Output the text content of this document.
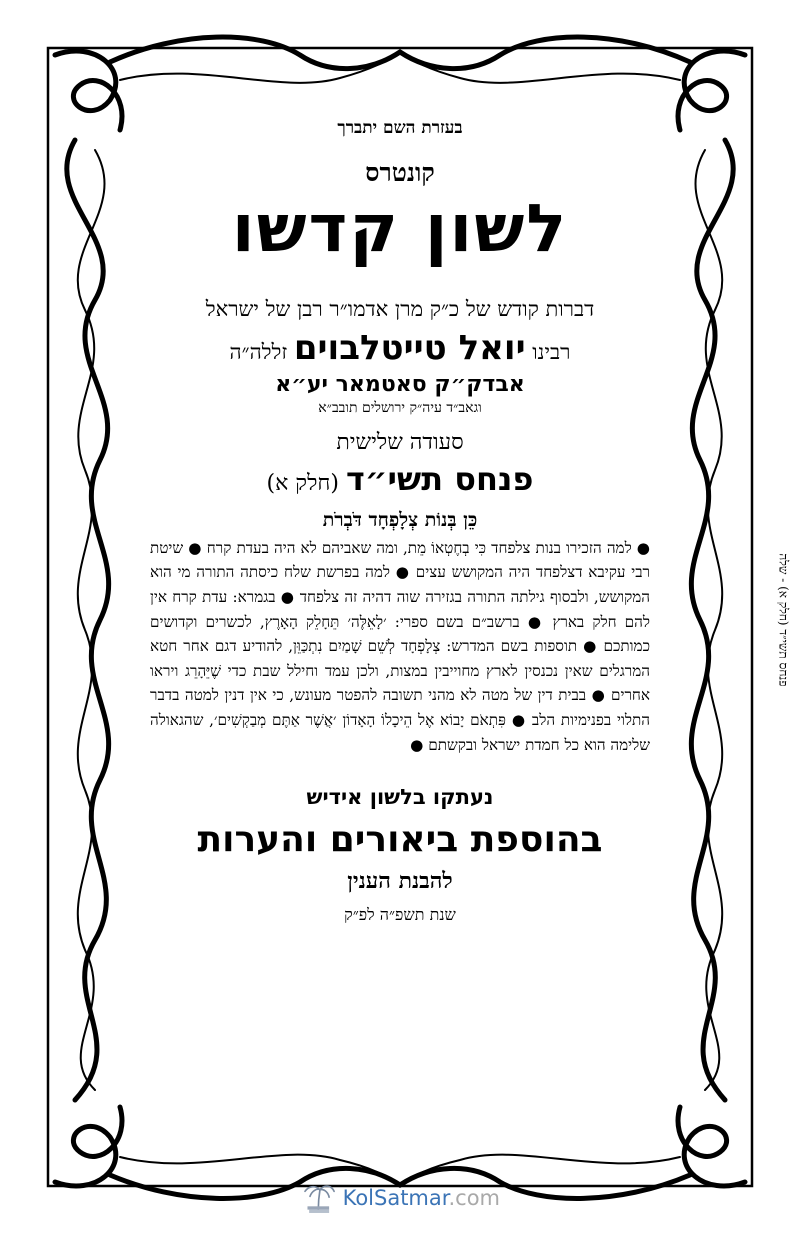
בעזרת השם יתברך

קונטרס

לשון קדשו

דברות קודש של כ״ק מרן אדמו״ר רבן של ישראל

רבינו יואל טייטלבוים זללה״ה

אבדק״ק סאטמאר יע״א

וגאב״ד עיה״ק ירושלים תובב״א

סעודה שלישית

פנחס תשי״ד (חלק א)

כֵּן בְּנוֹת צְלָפְחָד דֹּבְרֹת

● למה הזכירו בנות צלפחד כִּי בְחֶטְאוֹ מֵת, ומה שאביהם לא היה בעדת קרח ● שיטת רבי עקיבא דצלפחד היה המקושש עצים ● למה בפרשת שלח כיסתה התורה מי הוא המקושש, ולבסוף גילתה התורה בגזירה שוה דהיה זה צלפחד ● בגמרא: עדת קרח אין להם חלק בארץ ● ברשב״ם בשם ספרי: ׳לָאֵלֶּה׳ תֵּחָלֵק הָאָרֶץ, לכשרים וקדושים כמותכם ● תוספות בשם המדרש: צְלָפְחָד לְשֵׁם שָׁמַיִם נִתְכַּוֵּן, להודיע דגם אחר חטא המרגלים שאין נכנסין לארץ מחוייבין במצות, ולכן עמד וחילל שבת כדי שֶׁיֵּהָרֵג ויראו אחרים ● בבית דין של מטה לא מהני תשובה להפטר מעונש, כי אין דנין למטה בדבר התלוי בפנימיות הלב ● פִּתְאֹם יָבוֹא אֶל הֵיכָלוֹ הָאָדוֹן ׳אֲשֶׁר אַתֶּם מְבַקְשִׁים׳, שהגאולה שלימה הוא כל חמדת ישראל ובקשתם ●

נעתקו בלשון אידיש

בהוספת ביאורים והערות

להבנת הענין

שנת תשפ״ה לפ״ק

פנחס תשי״ד (חלק א) - שלה
KolSatmar.com
